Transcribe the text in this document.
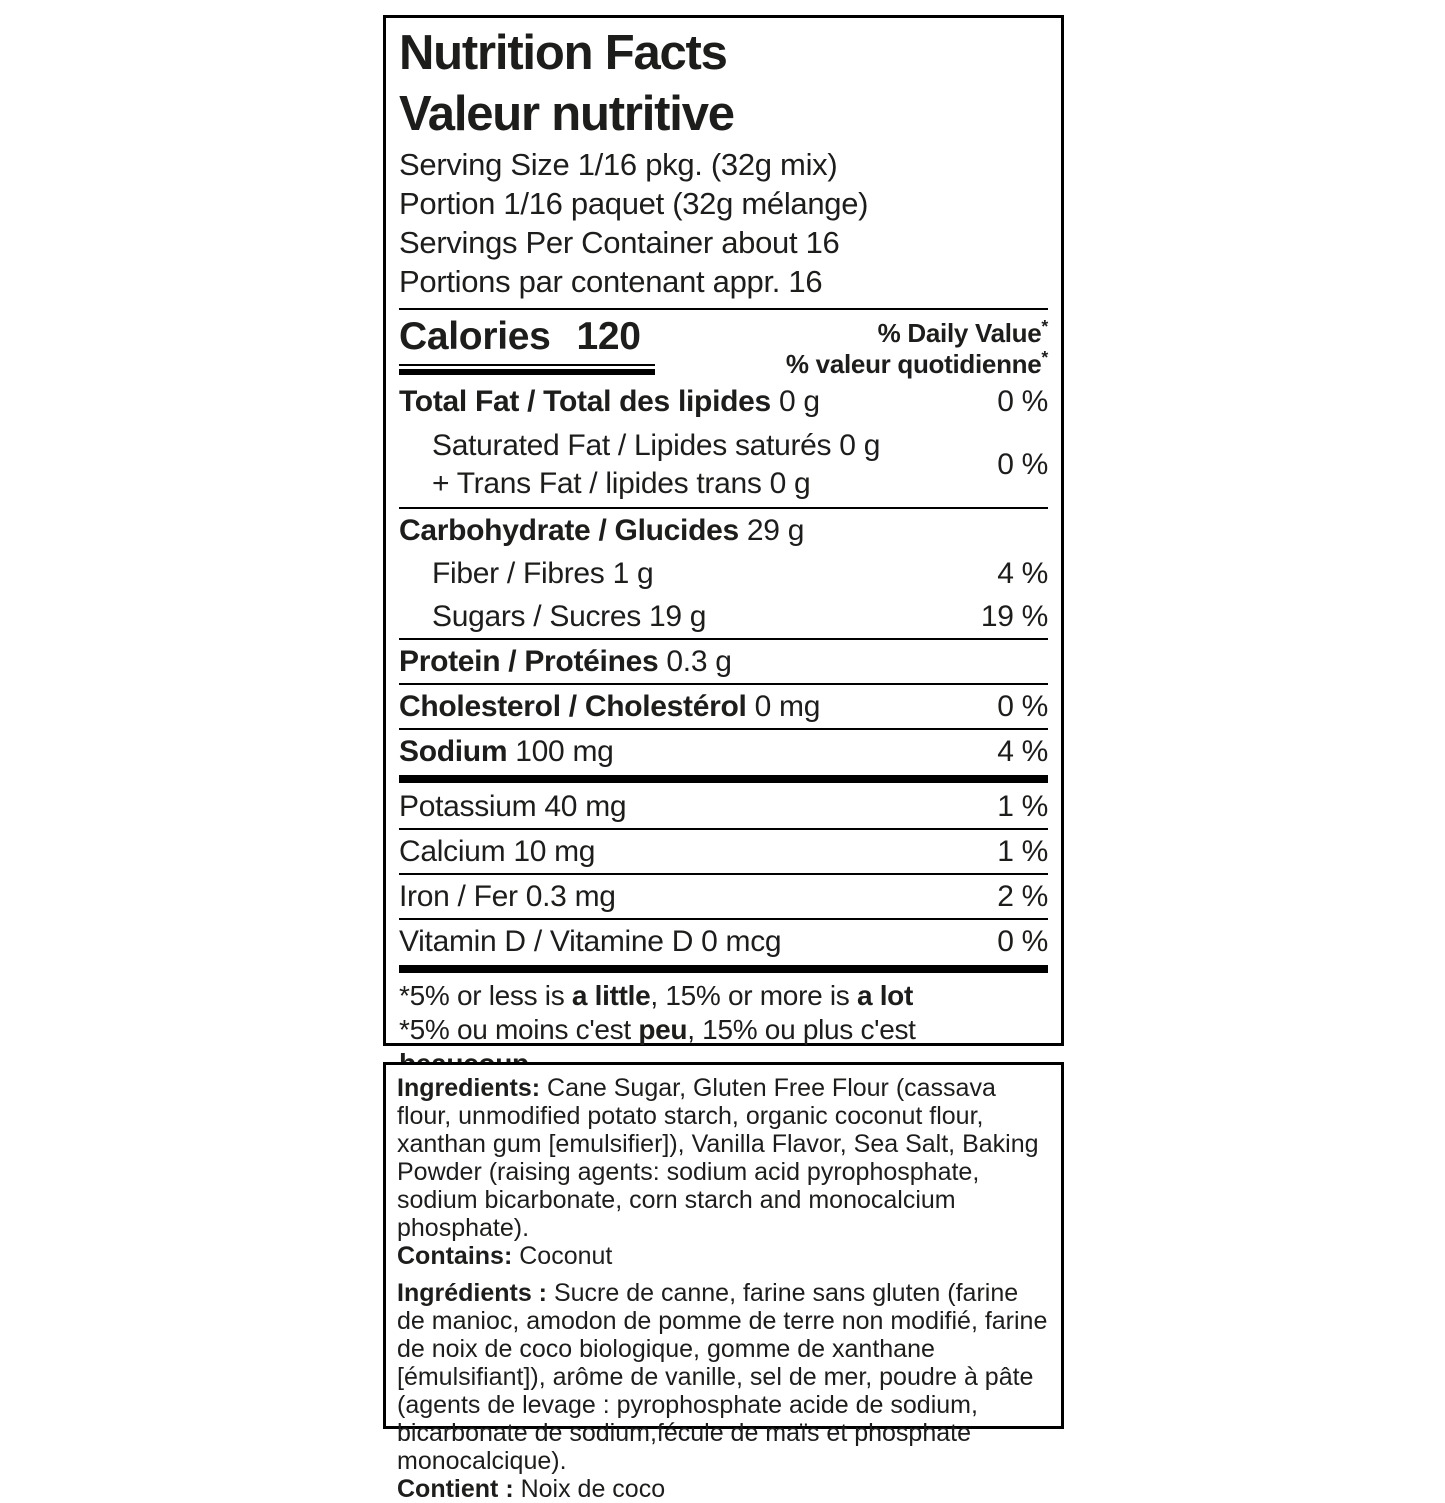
Nutrition Facts
Valeur nutritive
Serving Size 1/16 pkg. (32g mix)
Portion 1/16 paquet (32g mélange)
Servings Per Container about 16
Portions par contenant appr. 16
Calories 120	% Daily Value*
% valeur quotidienne*
Total Fat / Total des lipides 0 g	0 %
Saturated Fat / Lipides saturés 0 g
+ Trans Fat / lipides trans 0 g
0 %
Carbohydrate / Glucides 29 g
Fiber / Fibres 1 g	4 %
Sugars / Sucres 19 g	19 %
Protein / Protéines 0.3 g
Cholesterol / Cholestérol 0 mg	0 %
Sodium 100 mg	4 %
Potassium 40 mg	1 %
Calcium 10 mg	1 %
Iron / Fer 0.3 mg	2 %
Vitamin D / Vitamine D 0 mcg	0 %
*5% or less is a little, 15% or more is a lot
*5% ou moins c'est peu, 15% ou plus c'est

Ingredients: Cane Sugar, Gluten Free Flour (cassava flour, unmodified potato starch, organic coconut flour, xanthan gum [emulsifier]), Vanilla Flavor, Sea Salt, Baking Powder (raising agents: sodium acid pyrophosphate, sodium bicarbonate, corn starch and monocalcium phosphate).

Contains: Coconut

Ingrédients : Sucre de canne, farine sans gluten (farine de manioc, amodon de pomme de terre non modifié, farine de noix de coco biologique, gomme de xanthane [émulsifiant]), arôme de vanille, sel de mer, poudre à pâte (agents de levage : pyrophosphate acide de sodium, bicarbonate de sodium,fécule de maïs et phosphate monocalcique).

Contient : Noix de coco
